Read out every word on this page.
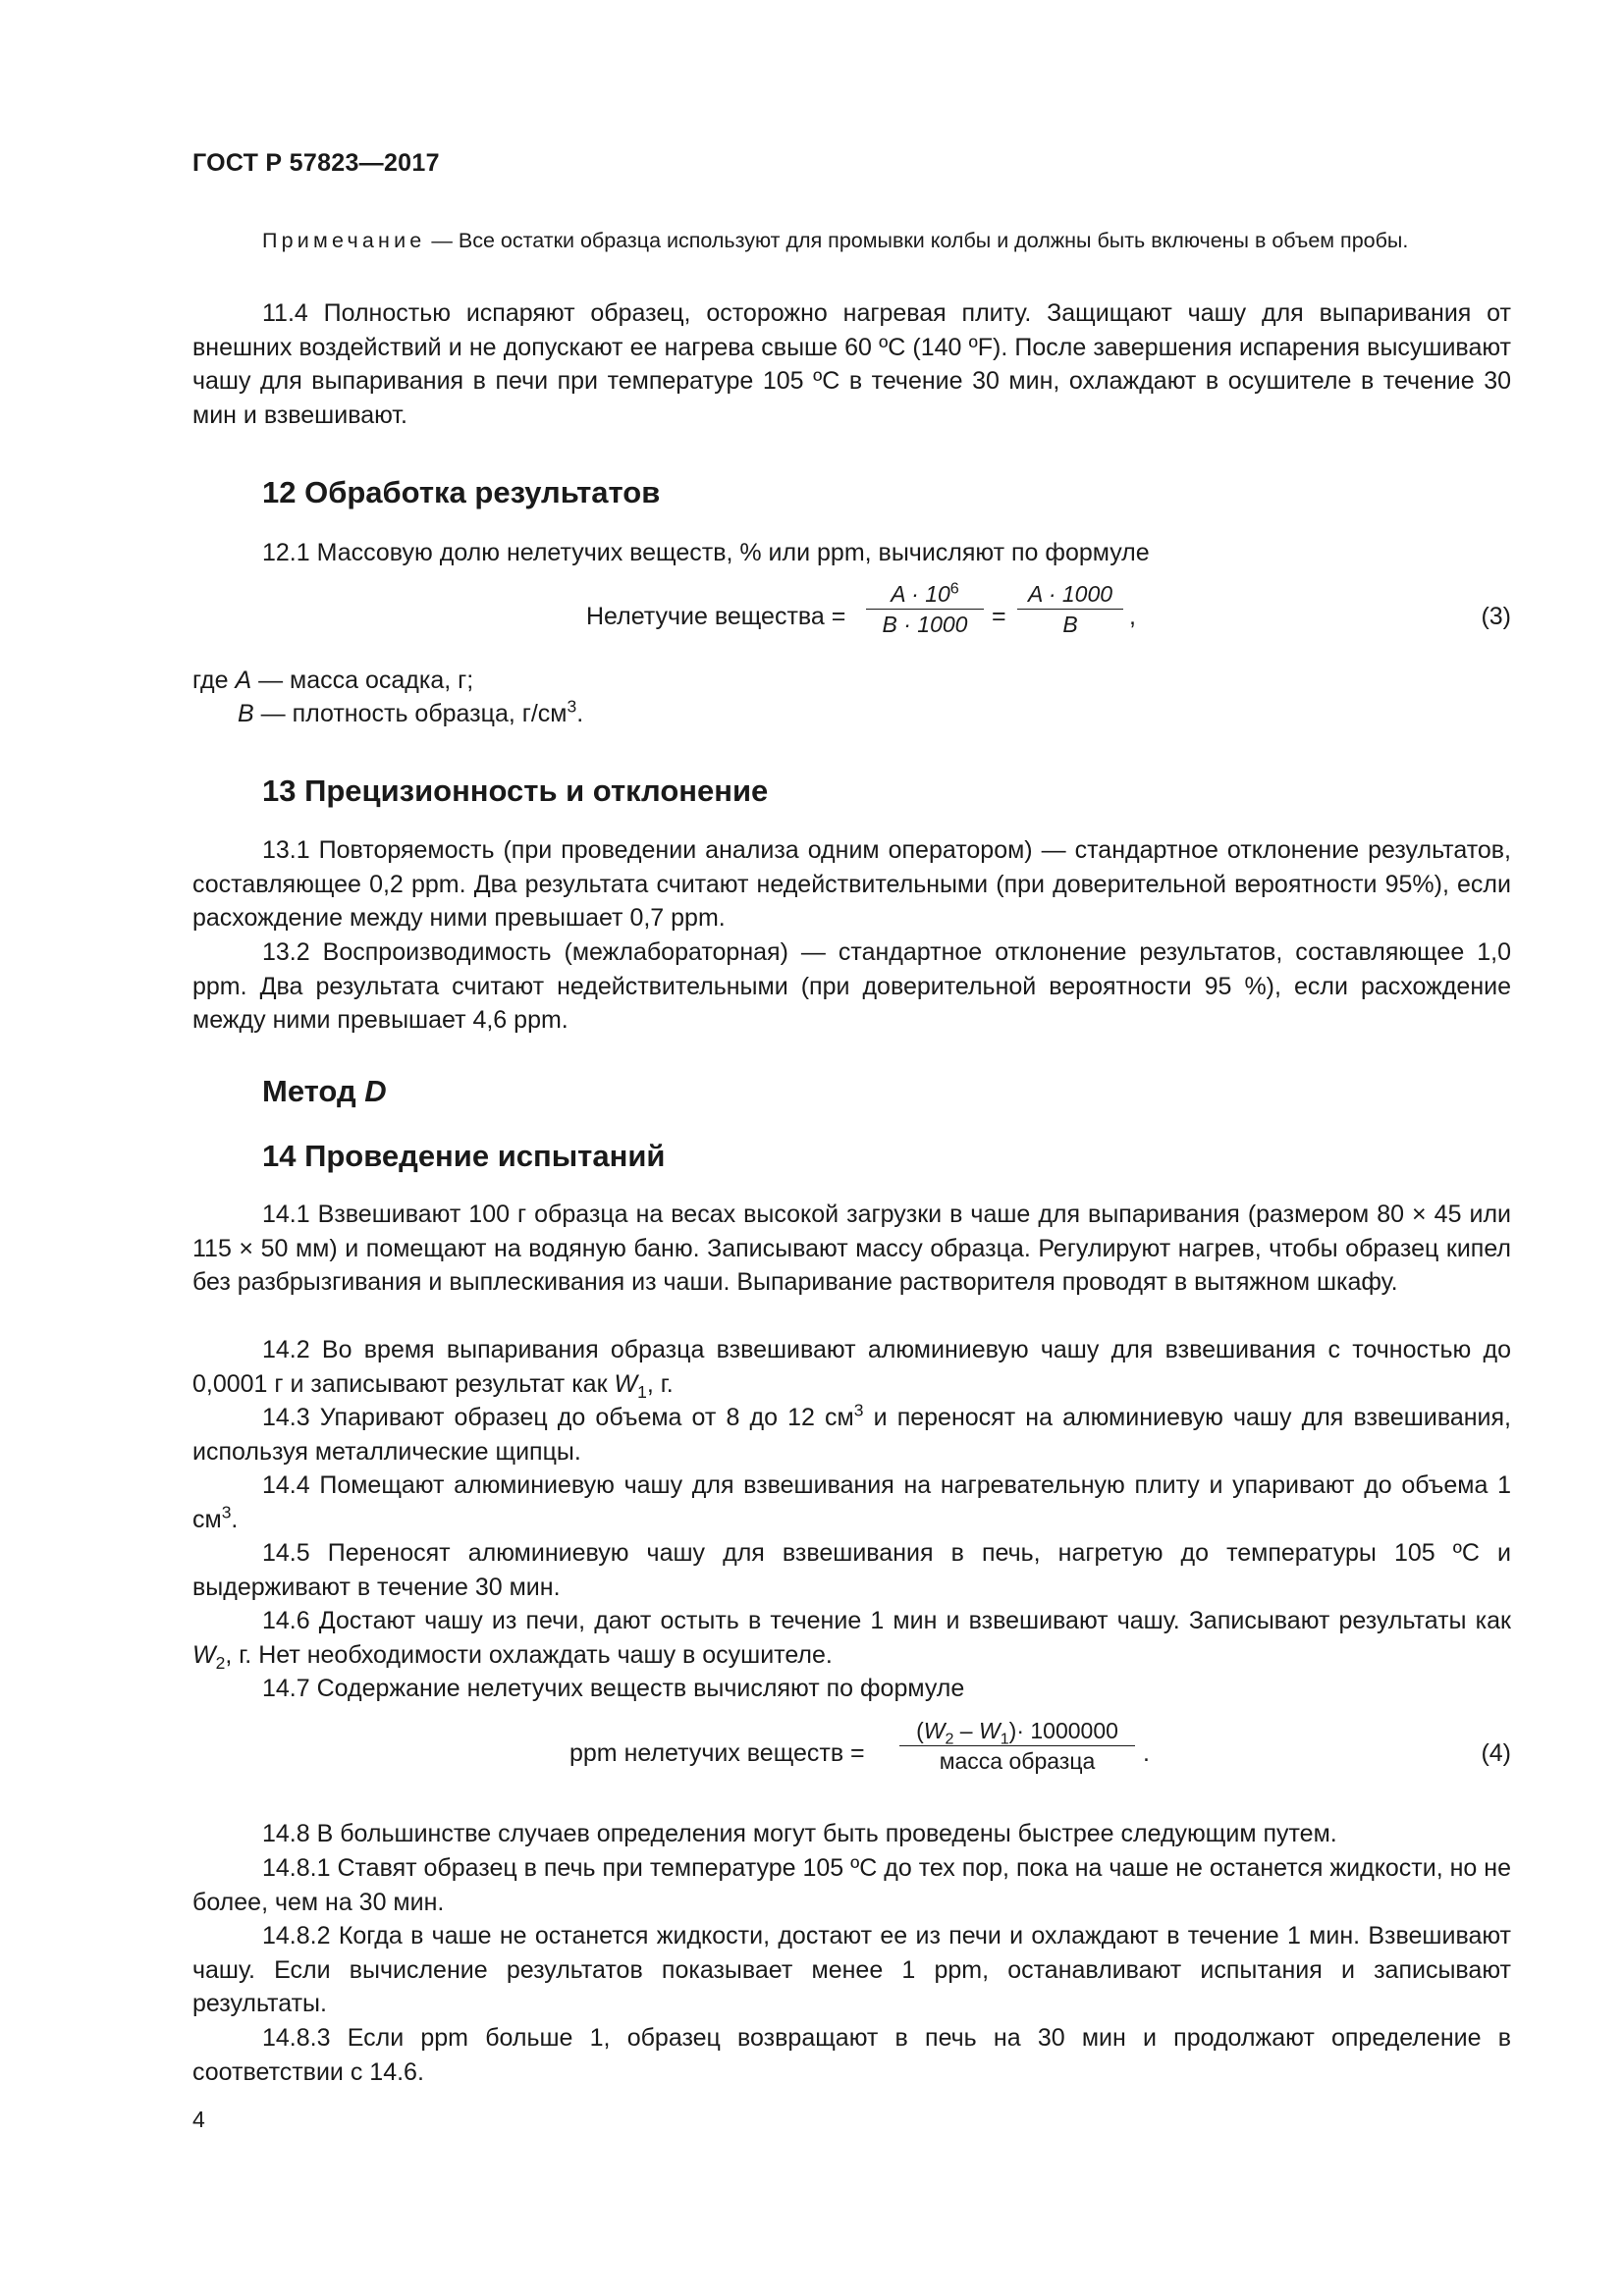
ГОСТ Р 57823—2017

Примечание — Все остатки образца используют для промывки колбы и должны быть включены в объем пробы.

11.4 Полностью испаряют образец, осторожно нагревая плиту. Защищают чашу для выпаривания от внешних воздействий и не допускают ее нагрева свыше 60 ºС (140 ºF). После завершения испарения высушивают чашу для выпаривания в печи при температуре 105 ºС в течение 30 мин, охлаждают в осушителе в течение 30 мин и взвешивают.

12 Обработка результатов

12.1 Массовую долю нелетучих веществ, % или ppm, вычисляют по формуле

Нелетучие вещества =
$A \cdot 10^6$
B · 1000 =
A · 1000
B	,	(3)
где A — масса осадка, г;
B — плотность образца, $г/см^3$.
13 Прецизионность и отклонение

13.1 Повторяемость (при проведении анализа одним оператором) — стандартное отклонение результатов, составляющее 0,2 ppm. Два результата считают недействительными (при доверительной вероятности 95%), если расхождение между ними превышает 0,7 ppm.

13.2 Воспроизводимость (межлабораторная) — стандартное отклонение результатов, составляющее 1,0 ppm. Два результата считают недействительными (при доверительной вероятности 95 %), если расхождение между ними превышает 4,6 ppm.

Метод D
14 Проведение испытаний

14.1 Взвешивают 100 г образца на весах высокой загрузки в чаше для выпаривания (размером 80 × 45 или 115 × 50 мм) и помещают на водяную баню. Записывают массу образца. Регулируют нагрев, чтобы образец кипел без разбрызгивания и выплескивания из чаши. Выпаривание растворителя проводят в вытяжном шкафу.

14.2 Во время выпаривания образца взвешивают алюминиевую чашу для взвешивания с точностью до 0,0001 г и записывают результат как $W_1$, г.

14.3 Упаривают образец до объема от 8 до 12 $см^3$ и переносят на алюминиевую чашу для взвешивания, используя металлические щипцы.

14.4 Помещают алюминиевую чашу для взвешивания на нагревательную плиту и упаривают до объема 1 $см^3$.

14.5 Переносят алюминиевую чашу для взвешивания в печь, нагретую до температуры 105 ºС и выдерживают в течение 30 мин.

14.6 Достают чашу из печи, дают остыть в течение 1 мин и взвешивают чашу. Записывают результаты как $W_2$, г. Нет необходимости охлаждать чашу в осушителе.

14.7 Содержание нелетучих веществ вычисляют по формуле

ppm нелетучих веществ =
$(W_2 - W_1)\cdot 1000000$
масса образца	.	(4)

14.8 В большинстве случаев определения могут быть проведены быстрее следующим путем.

14.8.1 Ставят образец в печь при температуре 105 ºС до тех пор, пока на чаше не останется жидкости, но не более, чем на 30 мин.

14.8.2 Когда в чаше не останется жидкости, достают ее из печи и охлаждают в течение 1 мин. Взвешивают чашу. Если вычисление результатов показывает менее 1 ppm, останавливают испытания и записывают результаты.

14.8.3 Если ppm больше 1, образец возвращают в печь на 30 мин и продолжают определение в соответствии с 14.6.

4
